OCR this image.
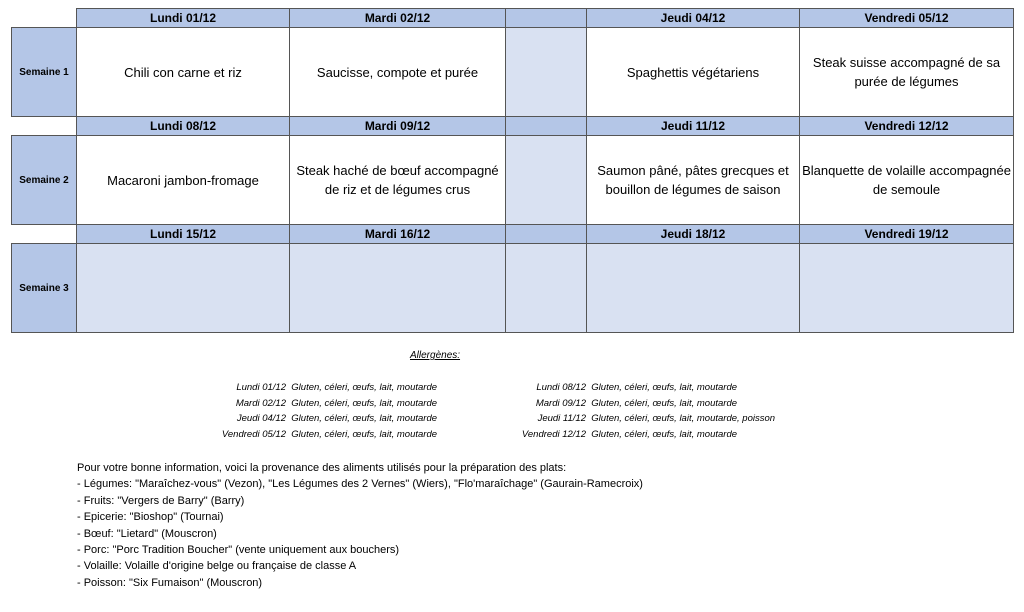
	Lundi 01/12	Mardi 02/12		Jeudi 04/12	Vendredi 05/12
Semaine 1	Chili con carne et riz	Saucisse, compote et purée		Spaghettis végétariens	Steak suisse accompagné de sa purée de légumes
	Lundi 08/12	Mardi 09/12		Jeudi 11/12	Vendredi 12/12
Semaine 2	Macaroni jambon-fromage	Steak haché de bœuf accompagné de riz et de légumes crus		Saumon pâné, pâtes grecques et bouillon de légumes de saison	Blanquette de volaille accompagnée de semoule
	Lundi 15/12	Mardi 16/12		Jeudi 18/12	Vendredi 19/12
Semaine 3					
Allergènes:
Lundi 01/12 Gluten, céleri, œufs, lait, moutarde
Mardi 02/12 Gluten, céleri, œufs, lait, moutarde
Jeudi 04/12 Gluten, céleri, œufs, lait, moutarde
Vendredi 05/12 Gluten, céleri, œufs, lait, moutarde
Lundi 08/12 Gluten, céleri, œufs, lait, moutarde
Mardi 09/12 Gluten, céleri, œufs, lait, moutarde
Jeudi 11/12 Gluten, céleri, œufs, lait, moutarde, poisson
Vendredi 12/12 Gluten, céleri, œufs, lait, moutarde
Pour votre bonne information, voici la provenance des aliments utilisés pour la préparation des plats:
- Légumes: "Maraîchez-vous" (Vezon), "Les Légumes des 2 Vernes" (Wiers), "Flo'maraîchage" (Gaurain-Ramecroix)
- Fruits: "Vergers de Barry" (Barry)
- Epicerie: "Bioshop" (Tournai)
- Bœuf: "Lietard" (Mouscron)
- Porc: "Porc Tradition Boucher" (vente uniquement aux bouchers)
- Volaille: Volaille d'origine belge ou française de classe A
- Poisson: "Six Fumaison" (Mouscron)
